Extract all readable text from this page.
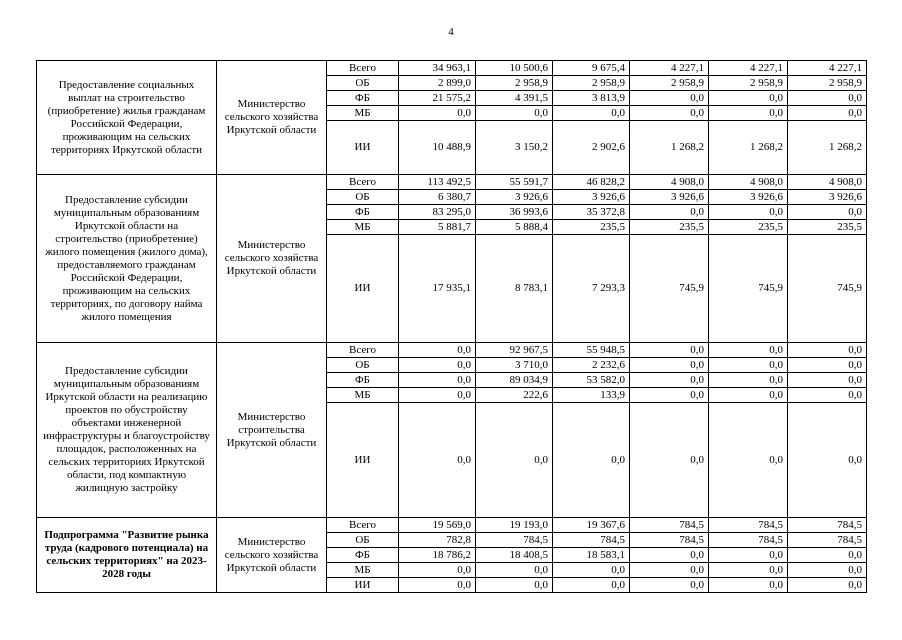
4
Предоставление социальных выплат на строительство (приобретение) жилья гражданам Российской Федерации, проживающим на сельских территориях Иркутской области	Министерство сельского хозяйства Иркутской области	Всего	34 963,1	10 500,6	9 675,4	4 227,1	4 227,1	4 227,1
		ОБ	2 899,0	2 958,9	2 958,9	2 958,9	2 958,9	2 958,9
		ФБ	21 575,2	4 391,5	3 813,9	0,0	0,0	0,0
		МБ	0,0	0,0	0,0	0,0	0,0	0,0
		ИИ	10 488,9	3 150,2	2 902,6	1 268,2	1 268,2	1 268,2
Предоставление субсидии муниципальным образованиям Иркутской области на строительство (приобретение) жилого помещения (жилого дома), предоставляемого гражданам Российской Федерации, проживающим на сельских территориях, по договору найма жилого помещения	Министерство сельского хозяйства Иркутской области	Всего	113 492,5	55 591,7	46 828,2	4 908,0	4 908,0	4 908,0
		ОБ	6 380,7	3 926,6	3 926,6	3 926,6	3 926,6	3 926,6
		ФБ	83 295,0	36 993,6	35 372,8	0,0	0,0	0,0
		МБ	5 881,7	5 888,4	235,5	235,5	235,5	235,5
		ИИ	17 935,1	8 783,1	7 293,3	745,9	745,9	745,9
Предоставление субсидии муниципальным образованиям Иркутской области на реализацию проектов по обустройству объектами инженерной инфраструктуры и благоустройству площадок, расположенных на сельских территориях Иркутской области, под компактную жилищную застройку	Министерство строительства Иркутской области	Всего	0,0	92 967,5	55 948,5	0,0	0,0	0,0
		ОБ	0,0	3 710,0	2 232,6	0,0	0,0	0,0
		ФБ	0,0	89 034,9	53 582,0	0,0	0,0	0,0
		МБ	0,0	222,6	133,9	0,0	0,0	0,0
		ИИ	0,0	0,0	0,0	0,0	0,0	0,0
Подпрограмма "Развитие рынка труда (кадрового потенциала) на сельских территориях" на 2023-2028 годы	Министерство сельского хозяйства Иркутской области	Всего	19 569,0	19 193,0	19 367,6	784,5	784,5	784,5
		ОБ	782,8	784,5	784,5	784,5	784,5	784,5
		ФБ	18 786,2	18 408,5	18 583,1	0,0	0,0	0,0
		МБ	0,0	0,0	0,0	0,0	0,0	0,0
		ИИ	0,0	0,0	0,0	0,0	0,0	0,0
